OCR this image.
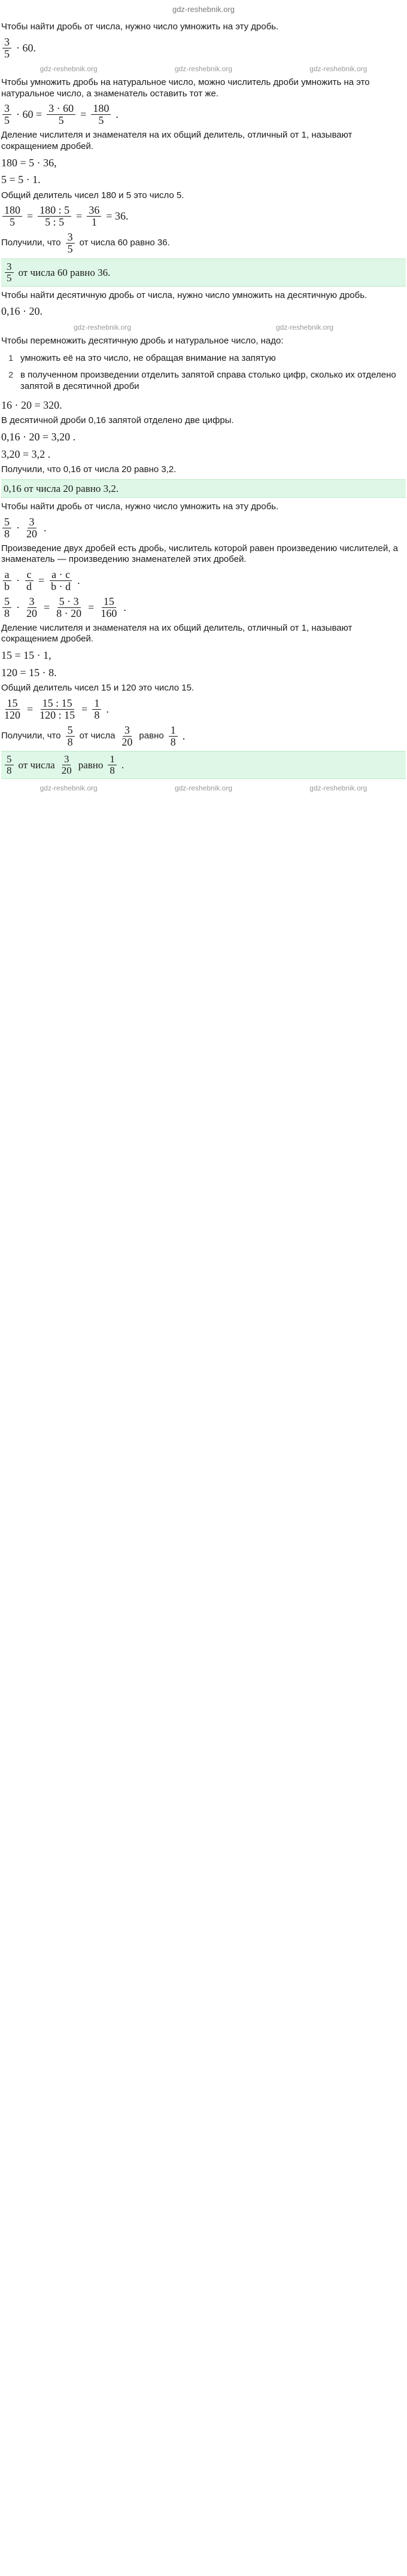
gdz-reshebnik.org
Чтобы найти дробь от числа, нужно число умножить на эту дробь.
$\frac{3}{5} \cdot 60$.
gdz-reshebnik.org	gdz-reshebnik.org	gdz-reshebnik.org
Чтобы умножить дробь на натуральное число, можно числитель дроби умножить на это натуральное число, а знаменатель оставить тот же.
$\frac{3}{5} \cdot 60 = \frac{3 \cdot 60}{5} = \frac{180}{5}$ .
Деление числителя и знаменателя на их общий делитель, отличный от 1, называют сокращением дробей.
180 = 5 · 36,
5 = 5 · 1.
Общий делитель чисел 180 и 5 это число 5.
$\frac{180}{5} = \frac{180 : 5}{5 : 5} = \frac{36}{1} = 36$.
Получили, что $\frac{3}{5}$ от числа 60 равно 36.
$\frac{3}{5}$ от числа 60 равно 36.
Чтобы найти десятичную дробь от числа, нужно число умножить на десятичную дробь.
0,16 · 20.
gdz-reshebnik.org	gdz-reshebnik.org
Чтобы перемножить десятичную дробь и натуральное число, надо:
1 умножить её на это число, не обращая внимание на запятую
2 в полученном произведении отделить запятой справа столько цифр, сколько их отделено запятой в десятичной дроби
16 · 20 = 320.
В десятичной дроби 0,16 запятой отделено две цифры.
0,16 · 20 = 3,20 .
3,20 = 3,2 .
Получили, что 0,16 от числа 20 равно 3,2.
0,16 от числа 20 равно 3,2.
Чтобы найти дробь от числа, нужно число умножить на эту дробь.
$\frac{5}{8} \cdot \frac{3}{20}$ .
Произведение двух дробей есть дробь, числитель которой равен произведению числителей, а знаменатель — произведению знаменателей этих дробей.
$\frac{a}{b} \cdot \frac{c}{d} = \frac{a \cdot c}{b \cdot d}$ .
$\frac{5}{8} \cdot \frac{3}{20} = \frac{5 \cdot 3}{8 \cdot 20} = \frac{15}{160}$ .
Деление числителя и знаменателя на их общий делитель, отличный от 1, называют сокращением дробей.
15 = 15 · 1,
120 = 15 · 8.
Общий делитель чисел 15 и 120 это число 15.
$\frac{15}{120} = \frac{15 : 15}{120 : 15} = \frac{1}{8}$ .
Получили, что $\frac{5}{8}$ от числа $\frac{3}{20}$ равно $\frac{1}{8}$ .
$\frac{5}{8}$ от числа $\frac{3}{20}$ равно $\frac{1}{8}$ .
gdz-reshebnik.org	gdz-reshebnik.org	gdz-reshebnik.org
